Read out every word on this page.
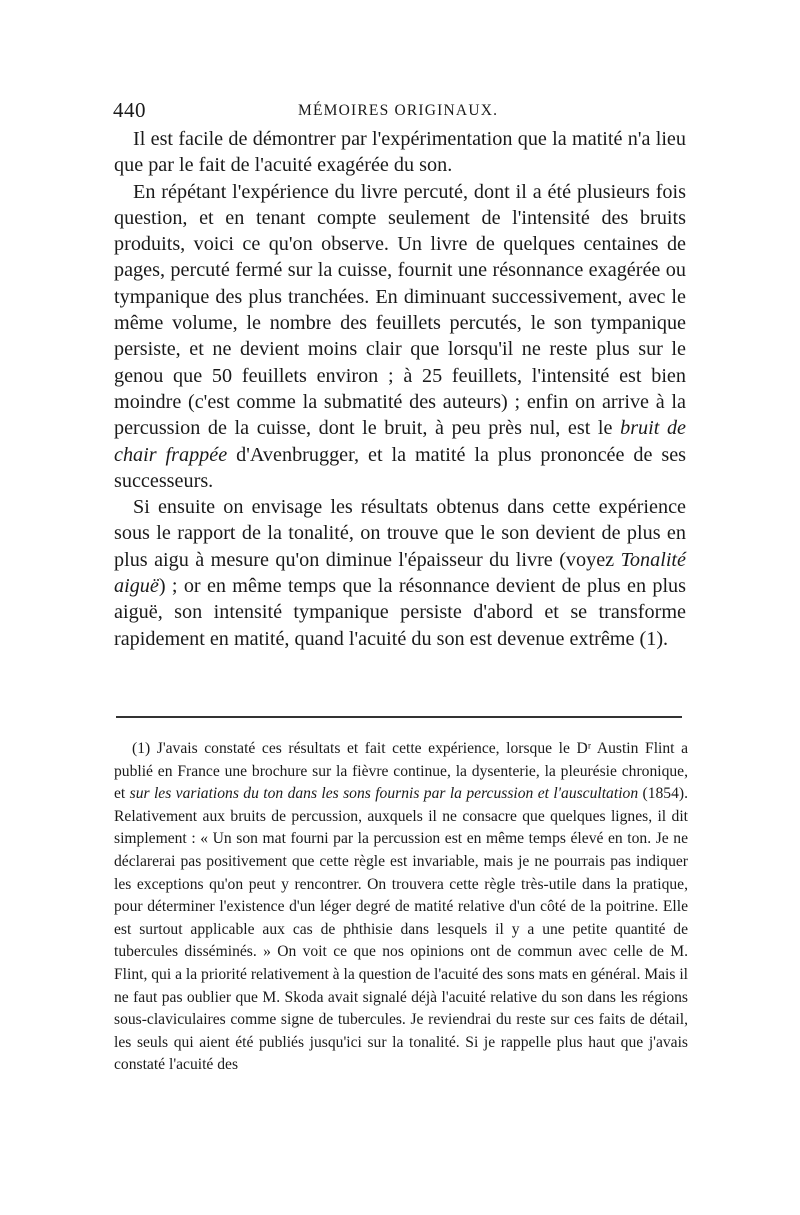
440	MÉMOIRES ORIGINAUX.

Il est facile de démontrer par l'expérimentation que la matité n'a lieu que par le fait de l'acuité exagérée du son.

En répétant l'expérience du livre percuté, dont il a été plusieurs fois question, et en tenant compte seulement de l'intensité des bruits produits, voici ce qu'on observe. Un livre de quelques centaines de pages, percuté fermé sur la cuisse, fournit une résonnance exagérée ou tympanique des plus tranchées. En diminuant successivement, avec le même volume, le nombre des feuillets percutés, le son tympanique persiste, et ne devient moins clair que lorsqu'il ne reste plus sur le genou que 50 feuillets environ ; à 25 feuillets, l'intensité est bien moindre (c'est comme la submatité des auteurs) ; enfin on arrive à la percussion de la cuisse, dont le bruit, à peu près nul, est le bruit de chair frappée d'Avenbrugger, et la matité la plus prononcée de ses successeurs.

Si ensuite on envisage les résultats obtenus dans cette expérience sous le rapport de la tonalité, on trouve que le son devient de plus en plus aigu à mesure qu'on diminue l'épaisseur du livre (voyez Tonalité aiguë) ; or en même temps que la résonnance devient de plus en plus aiguë, son intensité tympanique persiste d'abord et se transforme rapidement en matité, quand l'acuité du son est devenue extrême (1).

(1) J'avais constaté ces résultats et fait cette expérience, lorsque le Dʳ Austin Flint a publié en France une brochure sur la fièvre continue, la dysenterie, la pleurésie chronique, et sur les variations du ton dans les sons fournis par la percussion et l'auscultation (1854). Relativement aux bruits de percussion, auxquels il ne consacre que quelques lignes, il dit simplement : « Un son mat fourni par la percussion est en même temps élevé en ton. Je ne déclarerai pas positivement que cette règle est invariable, mais je ne pourrais pas indiquer les exceptions qu'on peut y rencontrer. On trouvera cette règle très-utile dans la pratique, pour déterminer l'existence d'un léger degré de matité relative d'un côté de la poitrine. Elle est surtout applicable aux cas de phthisie dans lesquels il y a une petite quantité de tubercules disséminés. » On voit ce que nos opinions ont de commun avec celle de M. Flint, qui a la priorité relativement à la question de l'acuité des sons mats en général. Mais il ne faut pas oublier que M. Skoda avait signalé déjà l'acuité relative du son dans les régions sous-claviculaires comme signe de tubercules. Je reviendrai du reste sur ces faits de détail, les seuls qui aient été publiés jusqu'ici sur la tonalité. Si je rappelle plus haut que j'avais constaté l'acuité des
